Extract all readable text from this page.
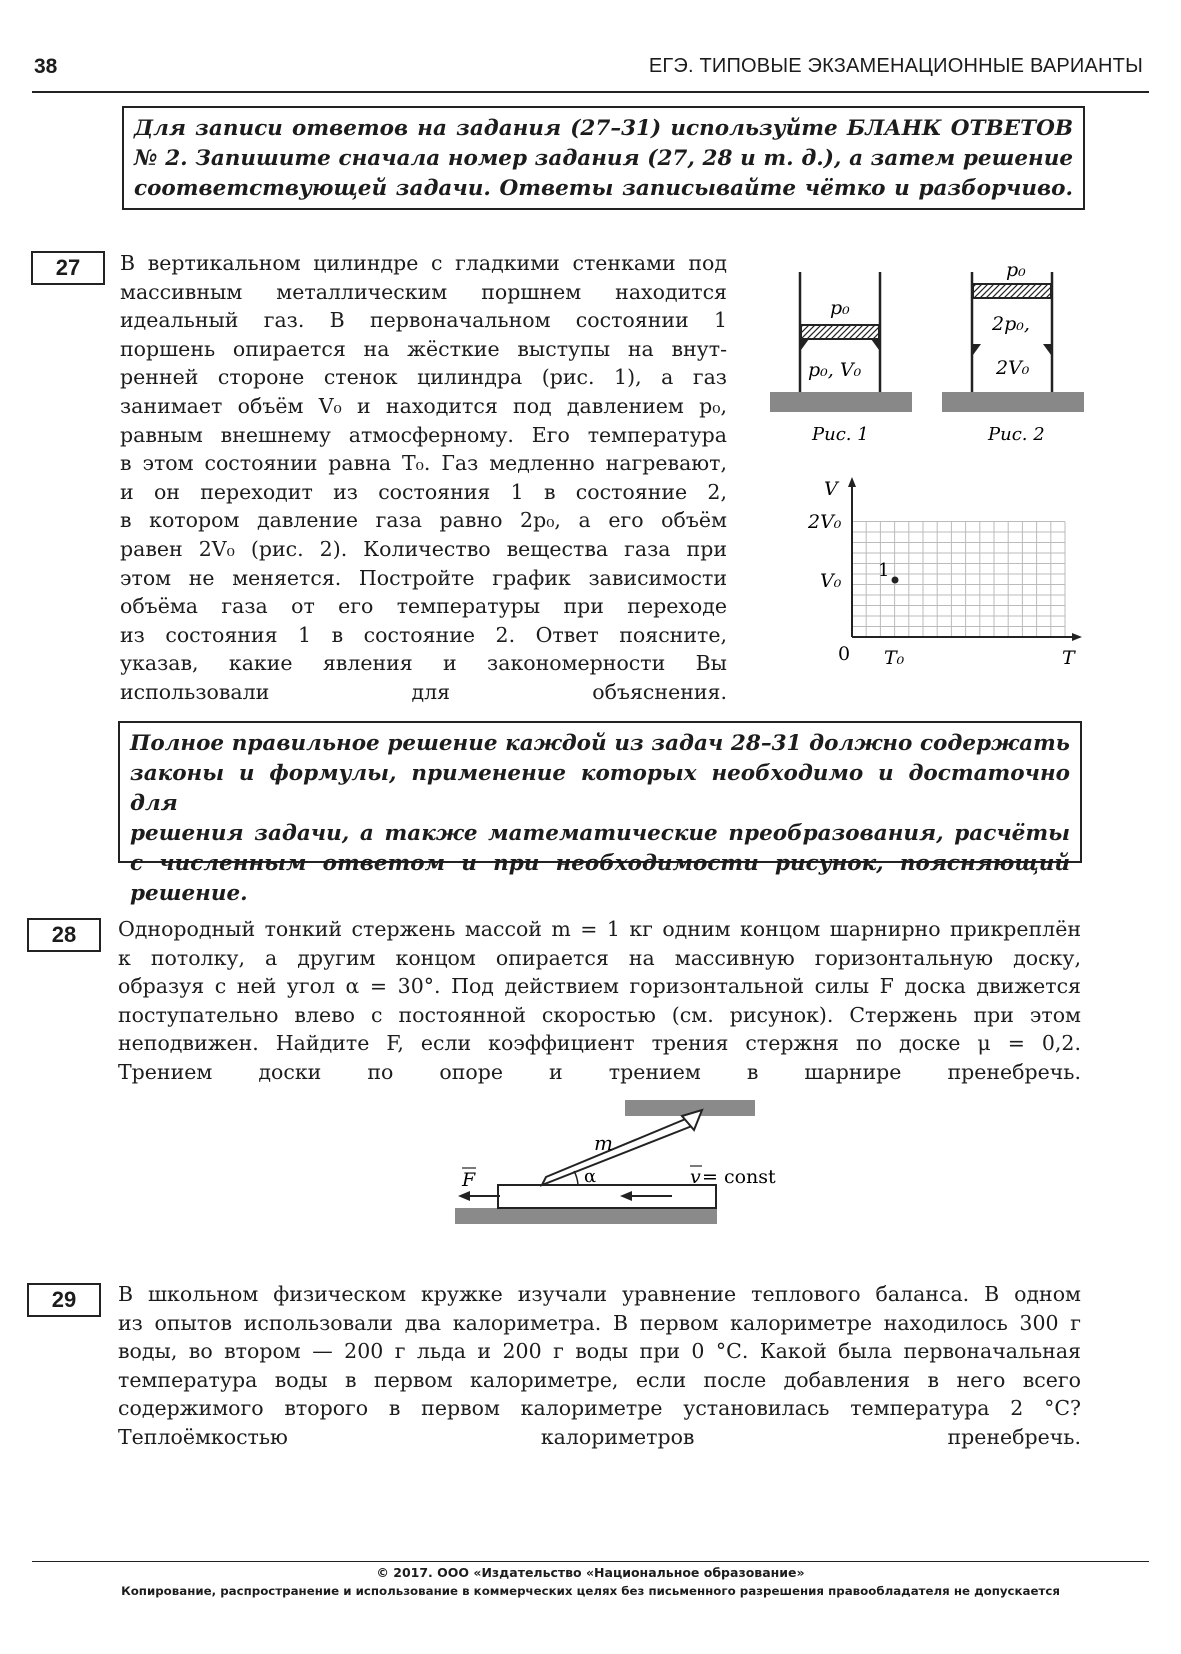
38	ЕГЭ. ТИПОВЫЕ ЭКЗАМЕНАЦИОННЫЕ ВАРИАНТЫ
Для записи ответов на задания (27–31) используйте БЛАНК ОТВЕТОВ
№ 2. Запишите сначала номер задания (27, 28 и т. д.), а затем решение
соответствующей задачи. Ответы записывайте чётко и разборчиво.
27	В вертикальном цилиндре с гладкими стенками под
массивным металлическим поршнем находится
идеальный газ. В первоначальном состоянии 1
поршень опирается на жёсткие выступы на внут-
ренней стороне стенок цилиндра (рис. 1), а газ
занимает объём V₀ и находится под давлением p₀,
равным внешнему атмосферному. Его температура
в этом состоянии равна T₀. Газ медленно нагревают,
и он переходит из состояния 1 в состояние 2,
в котором давление газа равно 2p₀, а его объём
равен 2V₀ (рис. 2). Количество вещества газа при
этом не меняется. Постройте график зависимости
объёма газа от его температуры при переходе
из состояния 1 в состояние 2. Ответ поясните,
указав, какие явления и закономерности Вы
использовали для объяснения.
p₀
p₀, V₀
Рис. 1
p₀
2p₀,
2V₀
Рис. 2
V
2V₀
V₀ 1
0 T₀	T
Полное правильное решение каждой из задач 28–31 должно содержать
законы и формулы, применение которых необходимо и достаточно для
решения задачи, а также математические преобразования, расчёты
с численным ответом и при необходимости рисунок, поясняющий
решение.
28	Однородный тонкий стержень массой m = 1 кг одним концом шарнирно прикреплён
к потолку, а другим концом опирается на массивную горизонтальную доску,
образуя с ней угол α = 30°. Под действием горизонтальной силы F доска движется
поступательно влево с постоянной скоростью (см. рисунок). Стержень при этом
неподвижен. Найдите F, если коэффициент трения стержня по доске μ = 0,2.
Трением доски по опоре и трением в шарнире пренебречь.
α
m
F	v = const
29	В школьном физическом кружке изучали уравнение теплового баланса. В одном
из опытов использовали два калориметра. В первом калориметре находилось 300 г
воды, во втором — 200 г льда и 200 г воды при 0 °С. Какой была первоначальная
температура воды в первом калориметре, если после добавления в него всего
содержимого второго в первом калориметре установилась температура 2 °С?
Теплоёмкостью калориметров пренебречь.
© 2017. ООО «Издательство «Национальное образование»
Копирование, распространение и использование в коммерческих целях без письменного разрешения правообладателя не допускается
